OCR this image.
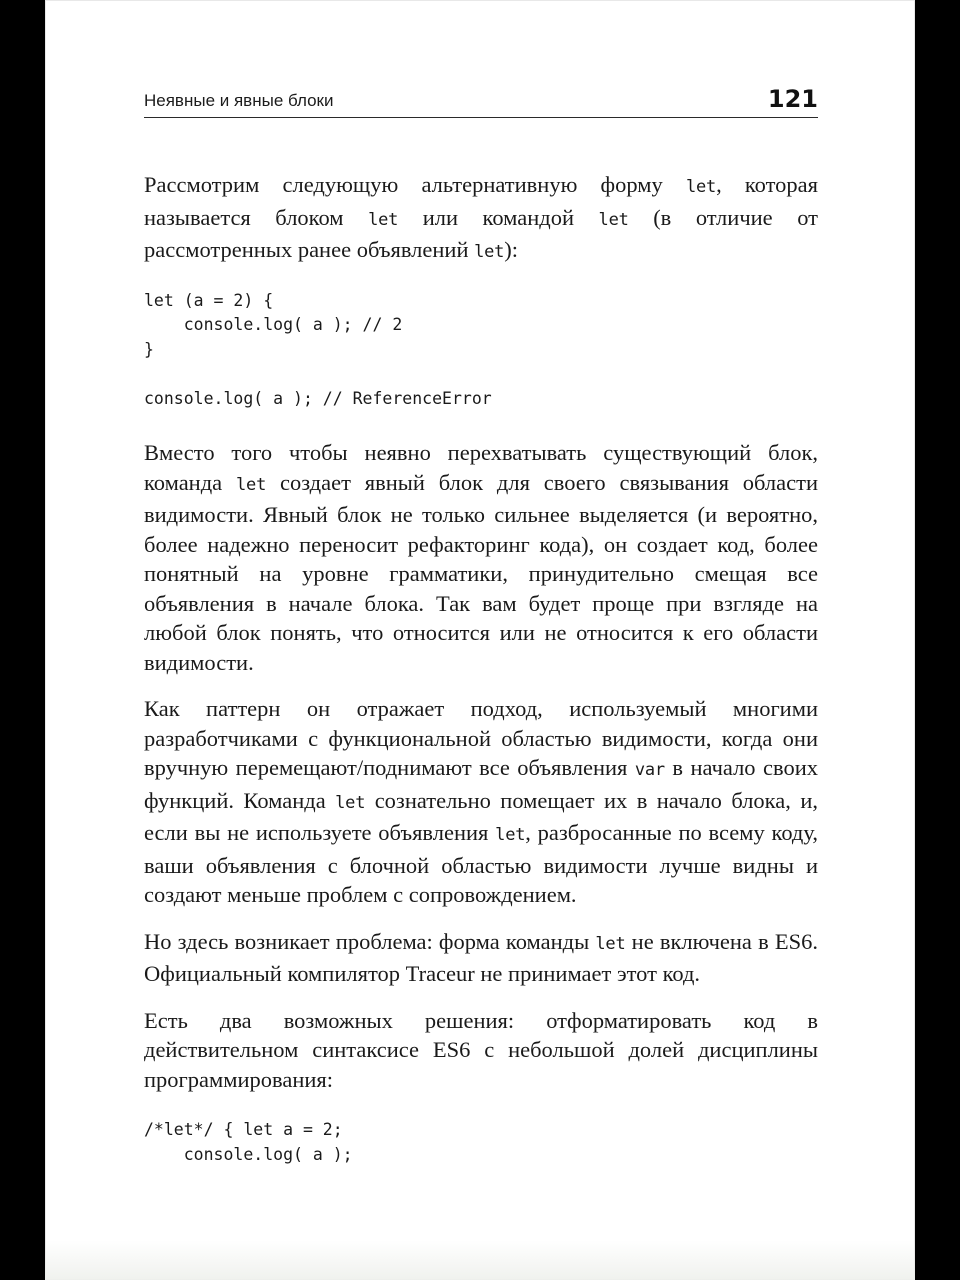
Неявные и явные блоки	121

Рассмотрим следующую альтернативную форму let, которая называется блоком let или командой let (в отличие от рассмотренных ранее объявлений let):

let (a = 2) {
console.log( a ); // 2
}
console.log( a ); // ReferenceError

Вместо того чтобы неявно перехватывать существующий блок, команда let создает явный блок для своего связывания области видимости. Явный блок не только сильнее выделяется (и вероятно, более надежно переносит рефакторинг кода), он создает код, более понятный на уровне грамматики, принудительно смещая все объявления в начале блока. Так вам будет проще при взгляде на любой блок понять, что относится или не относится к его области видимости.

Как паттерн он отражает подход, используемый многими разработчиками с функциональной областью видимости, когда они вручную перемещают/поднимают все объявления var в начало своих функций. Команда let сознательно помещает их в начало блока, и, если вы не используете объявления let, разбросанные по всему коду, ваши объявления с блочной областью видимости лучше видны и создают меньше проблем с сопровождением.

Но здесь возникает проблема: форма команды let не включена в ES6. Официальный компилятор Traceur не принимает этот код.

Есть два возможных решения: отформатировать код в действительном синтаксисе ES6 с небольшой долей дисциплины программирования:

/*let*/ { let a = 2;
console.log( a );
